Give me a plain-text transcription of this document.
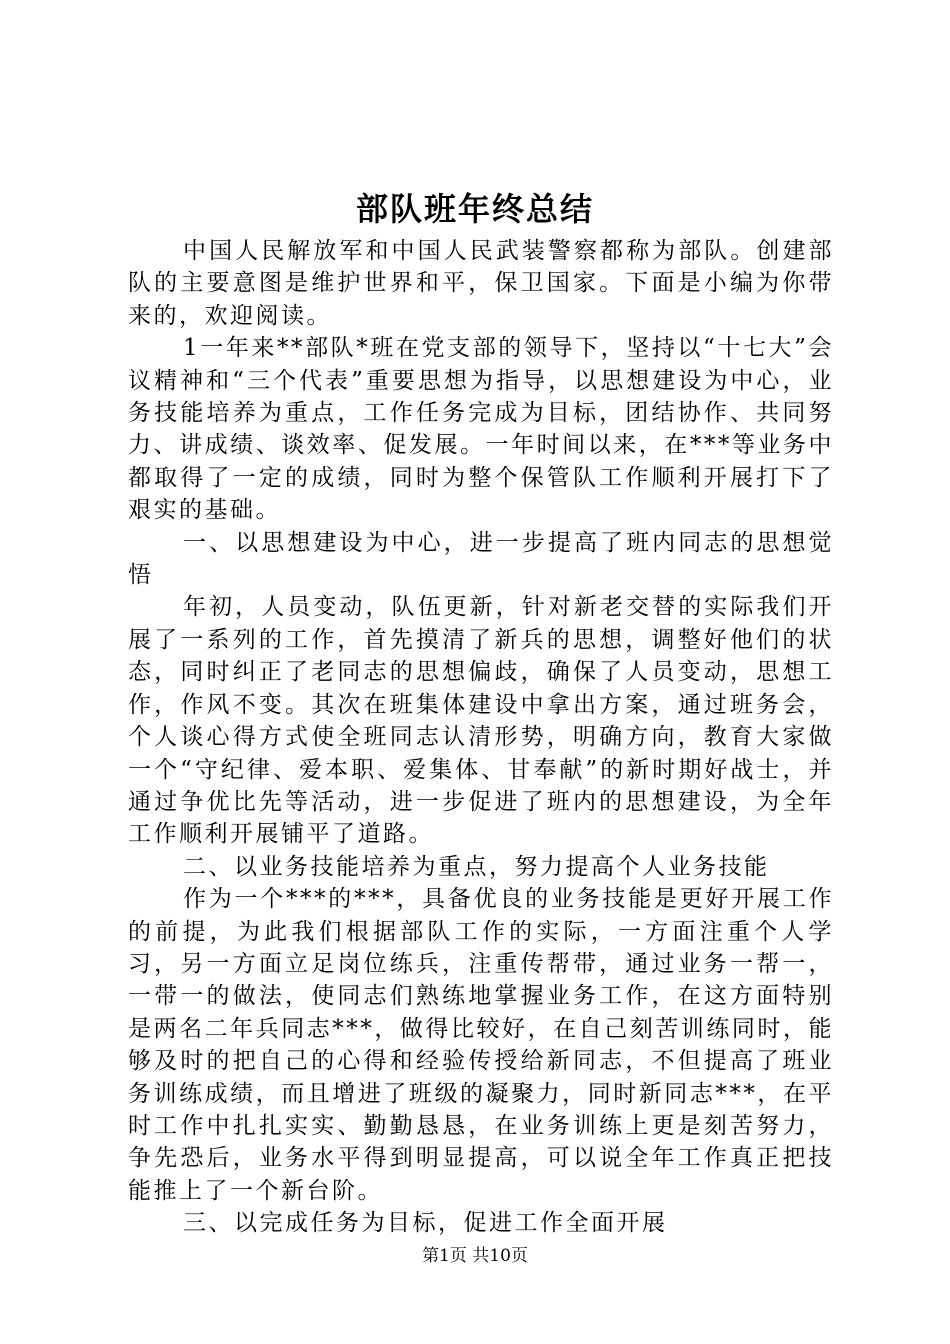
部队班年终总结

中国人民解放军和中国人民武装警察都称为部队。创建部队的主要意图是维护世界和平，保卫国家。下面是小编为你带来的，欢迎阅读。

1一年来**部队*班在党支部的领导下，坚持以“十七大”会议精神和“三个代表”重要思想为指导，以思想建设为中心，业务技能培养为重点，工作任务完成为目标，团结协作、共同努力、讲成绩、谈效率、促发展。一年时间以来，在***等业务中都取得了一定的成绩，同时为整个保管队工作顺利开展打下了艰实的基础。

一、以思想建设为中心，进一步提高了班内同志的思想觉悟

年初，人员变动，队伍更新，针对新老交替的实际我们开展了一系列的工作，首先摸清了新兵的思想，调整好他们的状态，同时纠正了老同志的思想偏歧，确保了人员变动，思想工作，作风不变。其次在班集体建设中拿出方案，通过班务会，个人谈心得方式使全班同志认清形势，明确方向，教育大家做一个“守纪律、爱本职、爱集体、甘奉献”的新时期好战士，并通过争优比先等活动，进一步促进了班内的思想建设，为全年工作顺利开展铺平了道路。

二、以业务技能培养为重点，努力提高个人业务技能

作为一个***的***，具备优良的业务技能是更好开展工作的前提，为此我们根据部队工作的实际，一方面注重个人学习，另一方面立足岗位练兵，注重传帮带，通过业务一帮一，一带一的做法，使同志们熟练地掌握业务工作，在这方面特别是两名二年兵同志***，做得比较好，在自己刻苦训练同时，能够及时的把自己的心得和经验传授给新同志，不但提高了班业务训练成绩，而且增进了班级的凝聚力，同时新同志***，在平时工作中扎扎实实、勤勤恳恳，在业务训练上更是刻苦努力，争先恐后，业务水平得到明显提高，可以说全年工作真正把技能推上了一个新台阶。

三、以完成任务为目标，促进工作全面开展

第1页 共10页
